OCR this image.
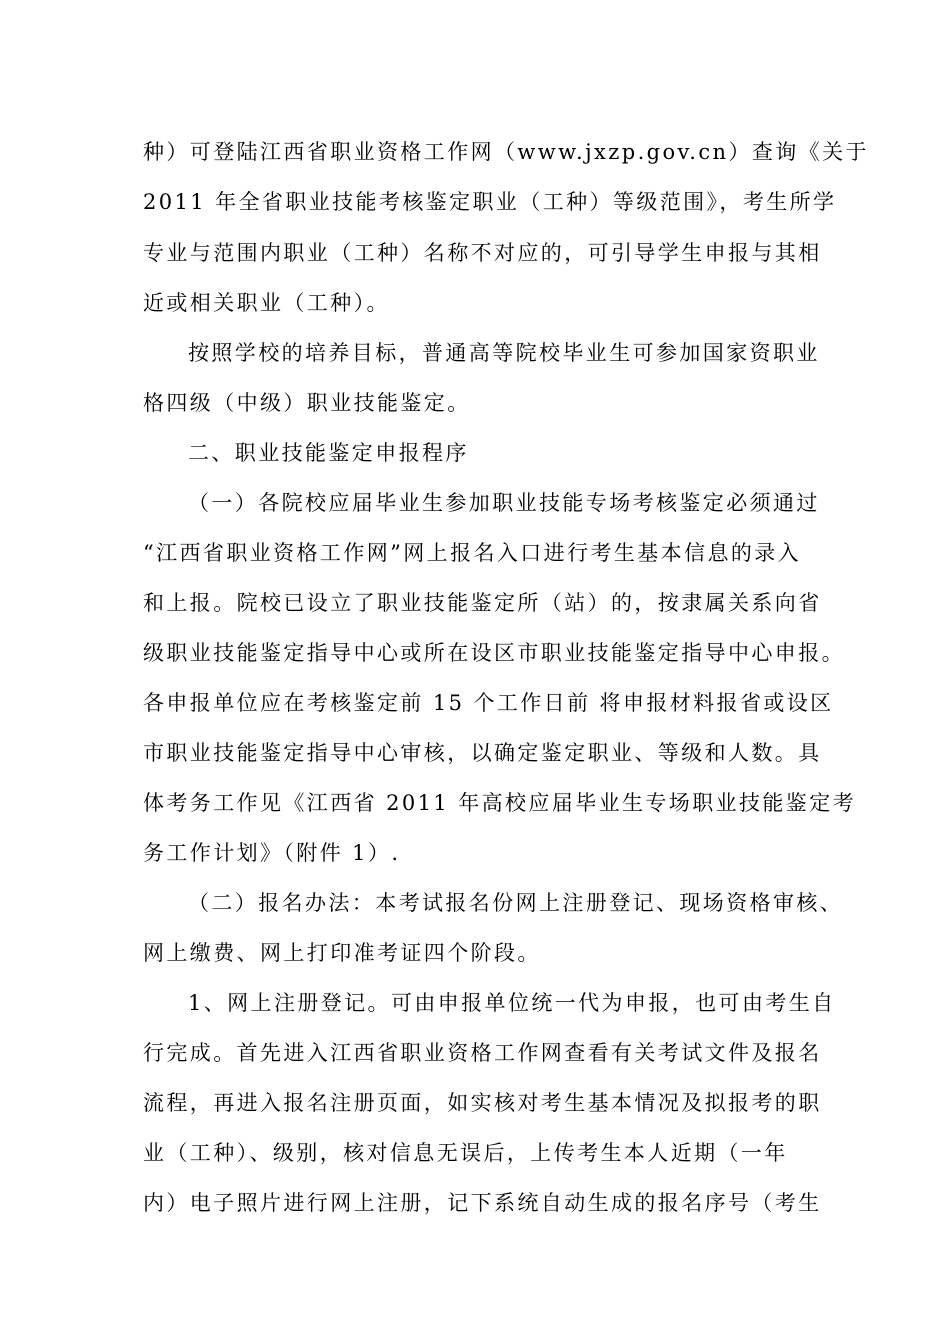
种）可登陆江西省职业资格工作网（www.jxzp.gov.cn）查询《关于
2011 年全省职业技能考核鉴定职业（工种）等级范围》，考生所学
专业与范围内职业（工种）名称不对应的，可引导学生申报与其相
近或相关职业（工种）。
按照学校的培养目标，普通高等院校毕业生可参加国家资职业
格四级（中级）职业技能鉴定。
二、职业技能鉴定申报程序
（一）各院校应届毕业生参加职业技能专场考核鉴定必须通过
“江西省职业资格工作网”网上报名入口进行考生基本信息的录入
和上报。院校已设立了职业技能鉴定所（站）的，按隶属关系向省
级职业技能鉴定指导中心或所在设区市职业技能鉴定指导中心申报。
各申报单位应在考核鉴定前 15 个工作日前 将申报材料报省或设区
市职业技能鉴定指导中心审核，以确定鉴定职业、等级和人数。具
体考务工作见《江西省 2011 年高校应届毕业生专场职业技能鉴定考
务工作计划》（附件 1）.
（二）报名办法：本考试报名份网上注册登记、现场资格审核、
网上缴费、网上打印准考证四个阶段。
1、网上注册登记。可由申报单位统一代为申报，也可由考生自
行完成。首先进入江西省职业资格工作网查看有关考试文件及报名
流程，再进入报名注册页面，如实核对考生基本情况及拟报考的职
业（工种）、级别，核对信息无误后，上传考生本人近期（一年
内）电子照片进行网上注册，记下系统自动生成的报名序号（考生
